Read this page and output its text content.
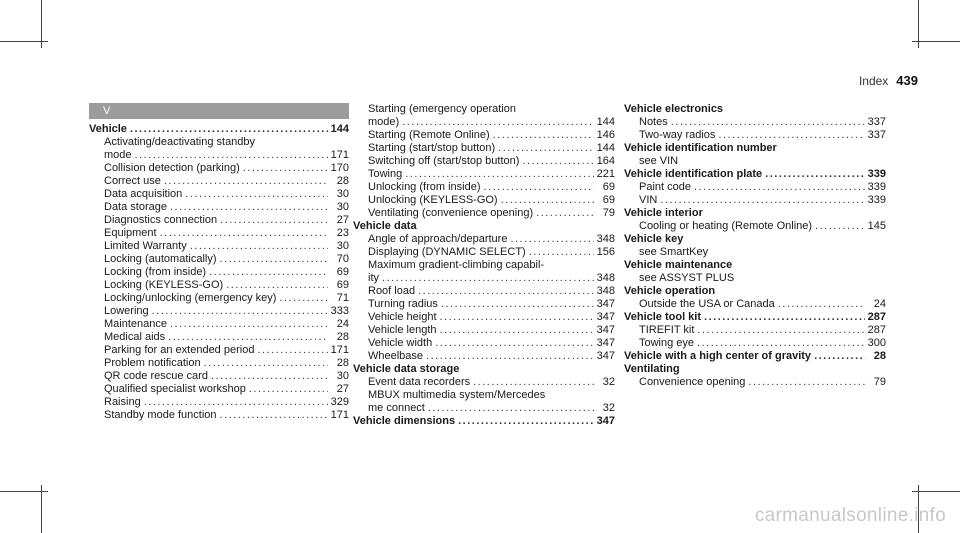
Index 439
V
Vehicle .....	144
Activating/deactivating standby
mode .....	171
Collision detection (parking) .....	170
Correct use .....	28
Data acquisition .....	30
Data storage .....	30
Diagnostics connection .....	27
Equipment .....	23
Limited Warranty .....	30
Locking (automatically) .....	70
Locking (from inside) .....	69
Locking (KEYLESS-GO) .....	69
Locking/unlocking (emergency key) .....	71
Lowering .....	333
Maintenance .....	24
Medical aids .....	28
Parking for an extended period .....	171
Problem notification .....	28
QR code rescue card .....	30
Qualified specialist workshop .....	27
Raising .....	329
Standby mode function .....	171
Starting (emergency operation
mode) .....	144
Starting (Remote Online) .....	146
Starting (start/stop button) .....	144
Switching off (start/stop button) .....	164
Towing .....	221
Unlocking (from inside) .....	69
Unlocking (KEYLESS-GO) .....	69
Ventilating (convenience opening) .....	79
Vehicle data
Angle of approach/departure .....	348
Displaying (DYNAMIC SELECT) .....	156
Maximum gradient-climbing capabil-
ity .....	348
Roof load .....	348
Turning radius .....	347
Vehicle height .....	347
Vehicle length .....	347
Vehicle width .....	347
Wheelbase .....	347
Vehicle data storage
Event data recorders .....	32
MBUX multimedia system/Mercedes
me connect .....	32
Vehicle dimensions .....	347
Vehicle electronics
Notes .....	337
Two-way radios .....	337
Vehicle identification number
see VIN
Vehicle identification plate .....	339
Paint code .....	339
VIN .....	339
Vehicle interior
Cooling or heating (Remote Online) .....	145
Vehicle key
see SmartKey
Vehicle maintenance
see ASSYST PLUS
Vehicle operation
Outside the USA or Canada .....	24
Vehicle tool kit .....	287
TIREFIT kit .....	287
Towing eye .....	300
Vehicle with a high center of gravity .....	28
Ventilating
Convenience opening .....	79
carmanualsonline.info
